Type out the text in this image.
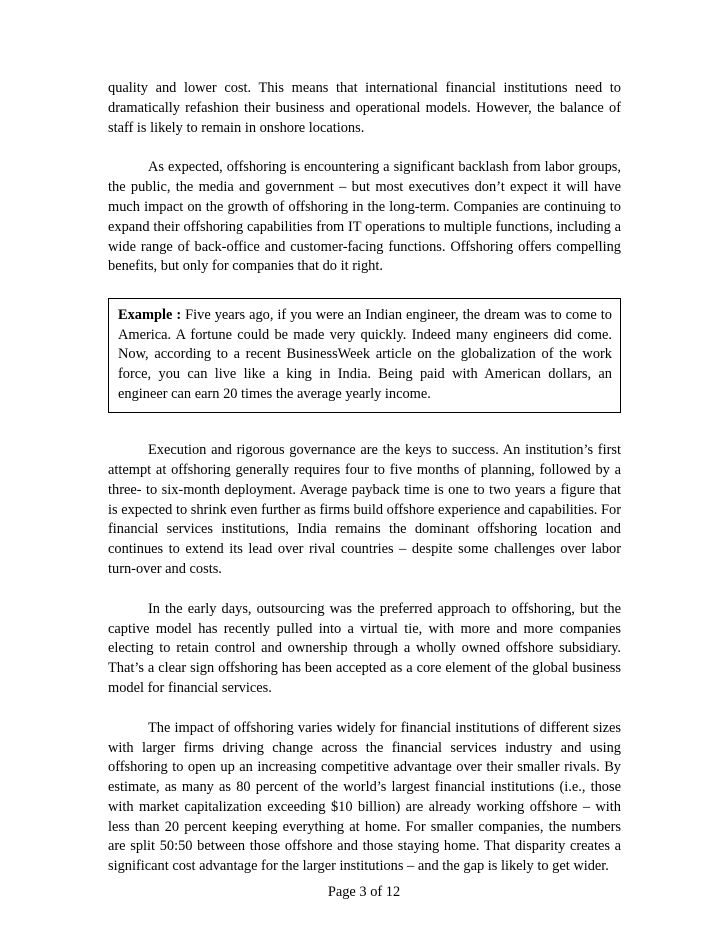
quality and lower cost. This means that international financial institutions need to dramatically refashion their business and operational models. However, the balance of staff is likely to remain in onshore locations.

As expected, offshoring is encountering a significant backlash from labor groups, the public, the media and government – but most executives don’t expect it will have much impact on the growth of offshoring in the long-term. Companies are continuing to expand their offshoring capabilities from IT operations to multiple functions, including a wide range of back-office and customer-facing functions. Offshoring offers compelling benefits, but only for companies that do it right.

Example : Five years ago, if you were an Indian engineer, the dream was to come to America. A fortune could be made very quickly. Indeed many engineers did come. Now, according to a recent BusinessWeek article on the globalization of the work force, you can live like a king in India. Being paid with American dollars, an engineer can earn 20 times the average yearly income.

Execution and rigorous governance are the keys to success. An institution’s first attempt at offshoring generally requires four to five months of planning, followed by a three- to six-month deployment. Average payback time is one to two years a figure that is expected to shrink even further as firms build offshore experience and capabilities. For financial services institutions, India remains the dominant offshoring location and continues to extend its lead over rival countries – despite some challenges over labor turn-over and costs.

In the early days, outsourcing was the preferred approach to offshoring, but the captive model has recently pulled into a virtual tie, with more and more companies electing to retain control and ownership through a wholly owned offshore subsidiary. That’s a clear sign offshoring has been accepted as a core element of the global business model for financial services.

The impact of offshoring varies widely for financial institutions of different sizes with larger firms driving change across the financial services industry and using offshoring to open up an increasing competitive advantage over their smaller rivals. By estimate, as many as 80 percent of the world’s largest financial institutions (i.e., those with market capitalization exceeding $10 billion) are already working offshore – with less than 20 percent keeping everything at home. For smaller companies, the numbers are split 50:50 between those offshore and those staying home. That disparity creates a significant cost advantage for the larger institutions – and the gap is likely to get wider.

Page 3 of 12
